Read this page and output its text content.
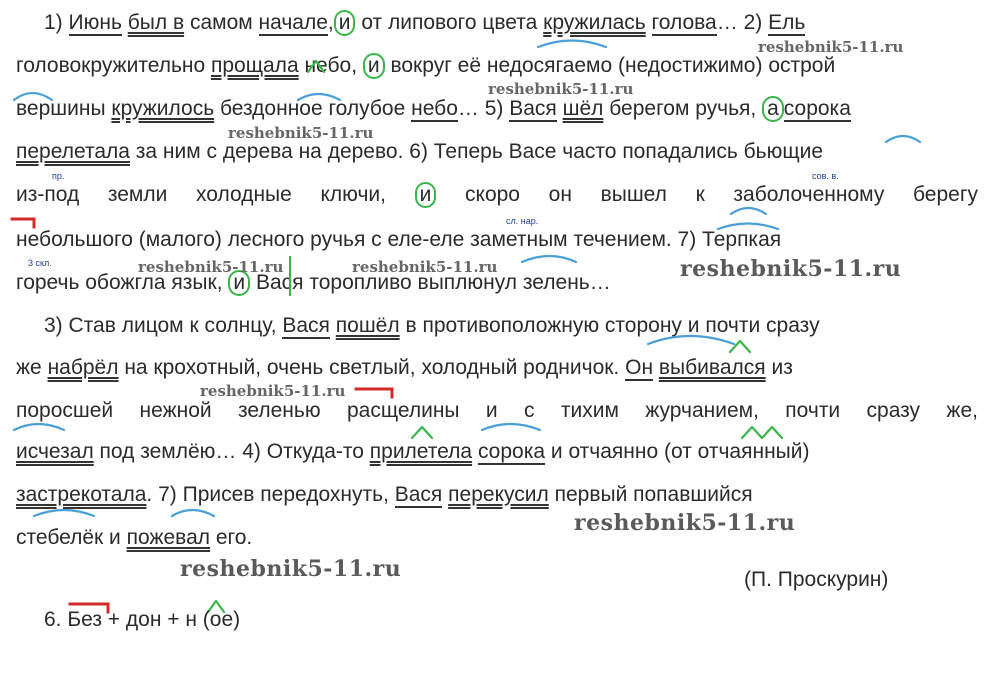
1) Июнь был в самом начале, и от липового цвета кружилась голова… 2) Ель
головокружительно прощала небо, и вокруг её недосягаемо (недостижимо) острой
вершины кружилось бездонное голубое небо… 5) Вася шёл берегом ручья, а сорока
перелетала за ним с дерева на дерево. 6) Теперь Васе часто попадались бьющие
из-под земли холодные ключи, и скоро он вышел к заболоченному берегу
небольшого (малого) лесного ручья с еле-еле заметным течением. 7) Терпкая
горечь обожгла язык, и Вася торопливо выплюнул зелень…
3) Став лицом к солнцу, Вася пошёл в противоположную сторону и почти сразу
же набрёл на крохотный, очень светлый, холодный родничок. Он выбивался из
поросшей нежной зеленью расщелины и с тихим журчанием, почти сразу же,
исчезал под землёю… 4) Откуда-то прилетела сорока и отчаянно (от отчаянный)
застрекотала. 7) Присев передохнуть, Вася перекусил первый попавшийся
стебелёк и пожевал его.
пр.	сов. в.
сл. нар.
3 скл.
reshebnik5-11.ru
reshebnik5-11.ru
reshebnik5-11.ru
reshebnik5-11.ru	reshebnik5-11.ru	reshebnik5-11.ru
reshebnik5-11.ru
reshebnik5-11.ru
reshebnik5-11.ru	(П. Проскурин)
6. Без + дон + н (ое)
